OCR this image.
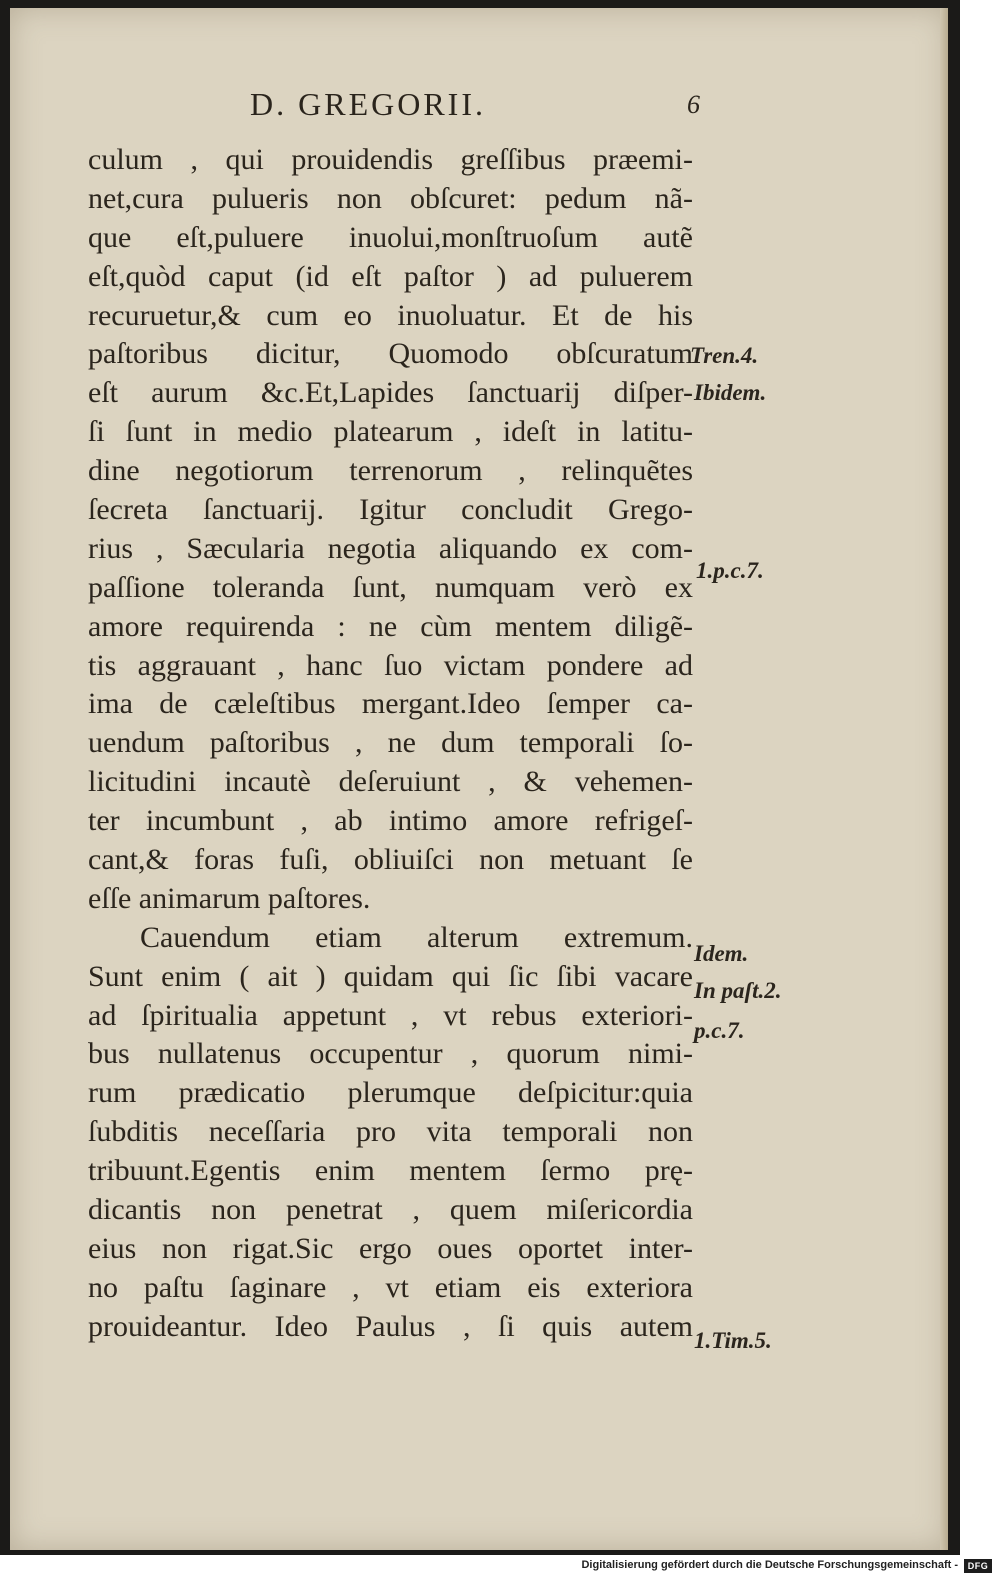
D. GREGORII.	6
culum , qui prouidendis greſſibus præemi-
net,cura pulueris non obſcuret: pedum nã-
que eſt,puluere inuolui,monſtruoſum autẽ
eſt,quòd caput (id eſt paſtor ) ad puluerem
recuruetur,& cum eo inuoluatur. Et de his
paſtoribus dicitur, Quomodo obſcuratum
eſt aurum &c.Et,Lapides ſanctuarij diſper-
ſi ſunt in medio platearum , ideſt in latitu-
dine negotiorum terrenorum , relinquẽtes
ſecreta ſanctuarij. Igitur concludit Grego-
rius , Sæcularia negotia aliquando ex com-
paſſione toleranda ſunt, numquam verò ex
amore requirenda : ne cùm mentem diligẽ-
tis aggrauant , hanc ſuo victam pondere ad
ima de cæleſtibus mergant.Ideo ſemper ca-
uendum paſtoribus , ne dum temporali ſo-
licitudini incautè deſeruiunt , & vehemen-
ter incumbunt , ab intimo amore refrigeſ-
cant,& foras fuſi, obliuiſci non metuant ſe
eſſe animarum paſtores.
Cauendum etiam alterum extremum.
Sunt enim ( ait ) quidam qui ſic ſibi vacare
ad ſpiritualia appetunt , vt rebus exteriori-
bus nullatenus occupentur , quorum nimi-
rum prædicatio plerumque deſpicitur:quia
ſubditis neceſſaria pro vita temporali non
tribuunt.Egentis enim mentem ſermo prę-
dicantis non penetrat , quem miſericordia
eius non rigat.Sic ergo oues oportet inter-
no paſtu ſaginare , vt etiam eis exteriora
prouideantur. Ideo Paulus , ſi quis autem
Tren.4.
Ibidem.
1.p.c.7.
Idem.
In paſt.2.
p.c.7.
1.Tim.5.
Digitalisierung gefördert durch die Deutsche Forschungsgemeinschaft -	DFG
